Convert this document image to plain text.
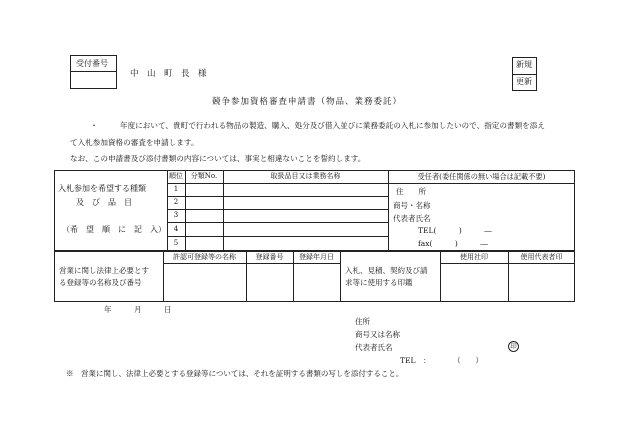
受付番号
中　山　町　長　様
新規
更新
競争参加資格審査申請書（物品、業務委託）
・	年度において、貴町で行われる物品の製造、購入、処分及び借入並びに業務委託の入札に参加したいので、指定の書類を添え
て入札参加資格の審査を申請します。
なお、この申請書及び添付書類の内容については、事実と相違ないことを誓約します。
入札参加を希望する種類
及　び　品　目
（希　望　順　に　記　入）
順位	分類No.	取扱品目又は業務名称
1
2
3
4
5
受任者(委任関係の無い場合は記載不要)
住　　所
商号・名称
代表者氏名
TEL(　　　)　　　―
fax(　　　)　　　―
営業に関し法律上必要とす
る登録等の名称及び番号
許認可登録等の名称	登録番号	登録年月日
入札、見積、契約及び請
求等に使用する印鑑
使用社印	使用代表者印
年　　　月　　　日
住所
商号又は名称
代表者氏名	印
TEL　：　　　　（　　）
※　営業に関し、法律上必要とする登録等については、それを証明する書類の写しを添付すること。
